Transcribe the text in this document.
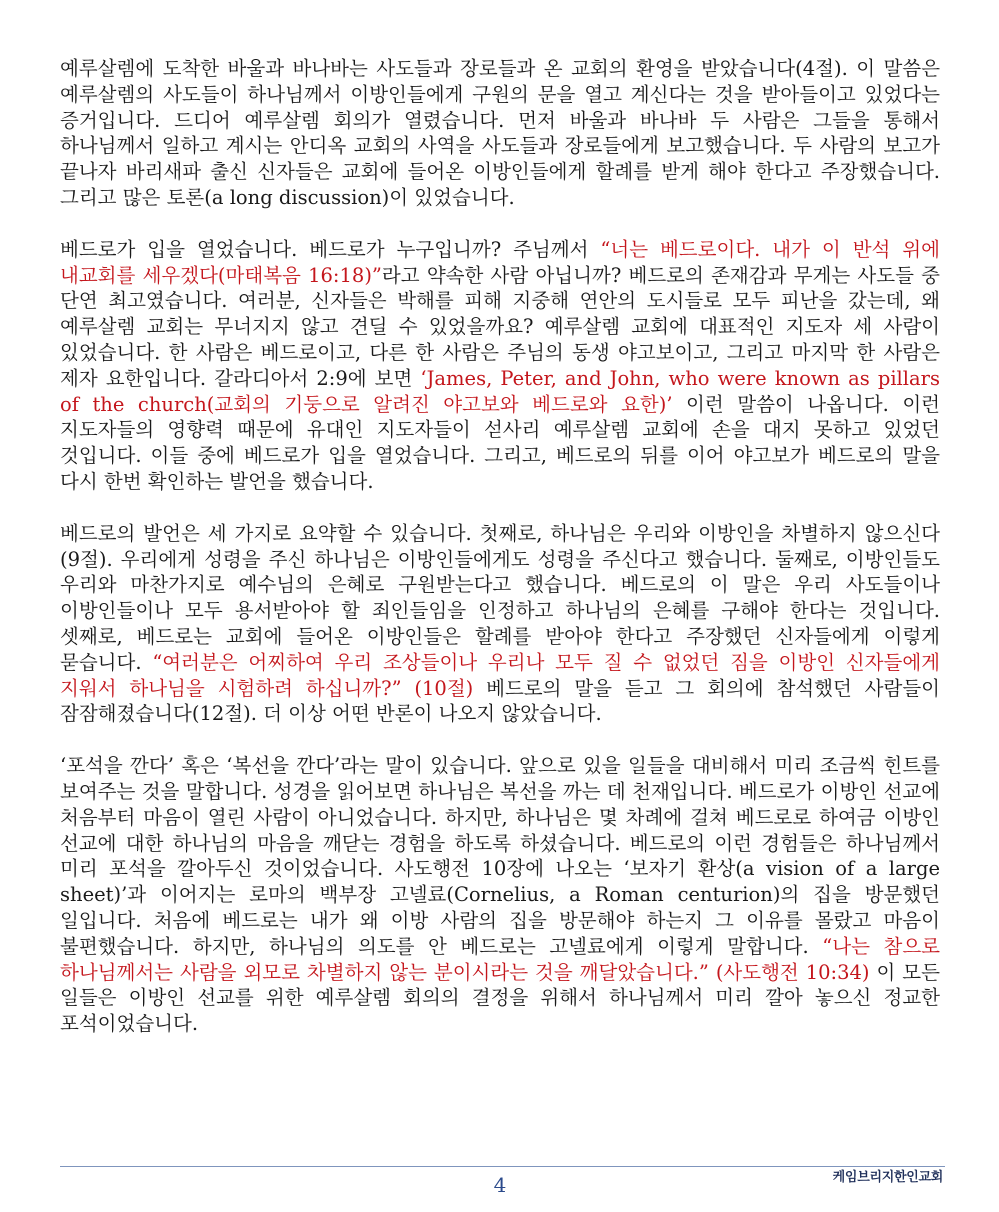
예루살렘에 도착한 바울과 바나바는 사도들과 장로들과 온 교회의 환영을 받았습니다(4절). 이 말씀은 예루살렘의 사도들이 하나님께서 이방인들에게 구원의 문을 열고 계신다는 것을 받아들이고 있었다는 증거입니다. 드디어 예루살렘 회의가 열렸습니다. 먼저 바울과 바나바 두 사람은 그들을 통해서 하나님께서 일하고 계시는 안디옥 교회의 사역을 사도들과 장로들에게 보고했습니다. 두 사람의 보고가 끝나자 바리새파 출신 신자들은 교회에 들어온 이방인들에게 할례를 받게 해야 한다고 주장했습니다. 그리고 많은 토론(a long discussion)이 있었습니다.

베드로가 입을 열었습니다. 베드로가 누구입니까? 주님께서 “너는 베드로이다. 내가 이 반석 위에 내교회를 세우겠다(마태복음 16:18)”라고 약속한 사람 아닙니까? 베드로의 존재감과 무게는 사도들 중 단연 최고였습니다. 여러분, 신자들은 박해를 피해 지중해 연안의 도시들로 모두 피난을 갔는데, 왜 예루살렘 교회는 무너지지 않고 견딜 수 있었을까요? 예루살렘 교회에 대표적인 지도자 세 사람이 있었습니다. 한 사람은 베드로이고, 다른 한 사람은 주님의 동생 야고보이고, 그리고 마지막 한 사람은 제자 요한입니다. 갈라디아서 2:9에 보면 ‘James, Peter, and John, who were known as pillars of the church(교회의 기둥으로 알려진 야고보와 베드로와 요한)’ 이런 말씀이 나옵니다. 이런 지도자들의 영향력 때문에 유대인 지도자들이 섣사리 예루살렘 교회에 손을 대지 못하고 있었던 것입니다. 이들 중에 베드로가 입을 열었습니다. 그리고, 베드로의 뒤를 이어 야고보가 베드로의 말을 다시 한번 확인하는 발언을 했습니다.

베드로의 발언은 세 가지로 요약할 수 있습니다. 첫째로, 하나님은 우리와 이방인을 차별하지 않으신다(9절). 우리에게 성령을 주신 하나님은 이방인들에게도 성령을 주신다고 했습니다. 둘째로, 이방인들도 우리와 마찬가지로 예수님의 은혜로 구원받는다고 했습니다. 베드로의 이 말은 우리 사도들이나 이방인들이나 모두 용서받아야 할 죄인들임을 인정하고 하나님의 은혜를 구해야 한다는 것입니다. 셋째로, 베드로는 교회에 들어온 이방인들은 할례를 받아야 한다고 주장했던 신자들에게 이렇게 묻습니다. “여러분은 어찌하여 우리 조상들이나 우리나 모두 질 수 없었던 짐을 이방인 신자들에게 지워서 하나님을 시험하려 하십니까?” (10절) 베드로의 말을 듣고 그 회의에 참석했던 사람들이 잠잠해졌습니다(12절). 더 이상 어떤 반론이 나오지 않았습니다.

‘포석을 깐다’ 혹은 ‘복선을 깐다’라는 말이 있습니다. 앞으로 있을 일들을 대비해서 미리 조금씩 힌트를 보여주는 것을 말합니다. 성경을 읽어보면 하나님은 복선을 까는 데 천재입니다. 베드로가 이방인 선교에 처음부터 마음이 열린 사람이 아니었습니다. 하지만, 하나님은 몇 차례에 걸쳐 베드로로 하여금 이방인 선교에 대한 하나님의 마음을 깨닫는 경험을 하도록 하셨습니다. 베드로의 이런 경험들은 하나님께서 미리 포석을 깔아두신 것이었습니다. 사도행전 10장에 나오는 ‘보자기 환상(a vision of a large sheet)’과 이어지는 로마의 백부장 고넬료(Cornelius, a Roman centurion)의 집을 방문했던 일입니다. 처음에 베드로는 내가 왜 이방 사람의 집을 방문해야 하는지 그 이유를 몰랐고 마음이 불편했습니다. 하지만, 하나님의 의도를 안 베드로는 고넬료에게 이렇게 말합니다. “나는 참으로 하나님께서는 사람을 외모로 차별하지 않는 분이시라는 것을 깨달았습니다.” (사도행전 10:34) 이 모든 일들은 이방인 선교를 위한 예루살렘 회의의 결정을 위해서 하나님께서 미리 깔아 놓으신 정교한 포석이었습니다.

4	케임브리지한인교회
